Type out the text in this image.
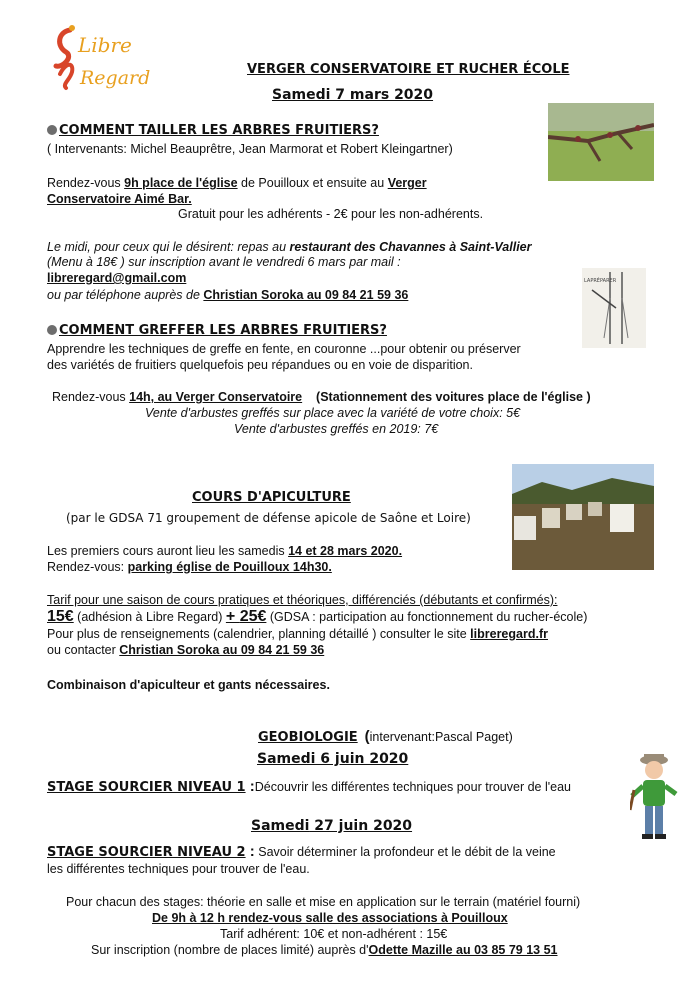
Libre
Regard	VERGER CONSERVATOIRE ET RUCHER ÉCOLE
Samedi 7 mars 2020
COMMENT TAILLER LES ARBRES FRUITIERS?
( Intervenants: Michel Beauprêtre, Jean Marmorat et Robert Kleingartner)
Rendez-vous 9h place de l'église de Pouilloux et ensuite au Verger
Conservatoire Aimé Bar.
Gratuit pour les adhérents - 2€ pour les non-adhérents.
Le midi, pour ceux qui le désirent: repas au restaurant des Chavannes à Saint-Vallier
(Menu à 18€ ) sur inscription avant le vendredi 6 mars par mail :
libreregard@gmail.com
ou par téléphone auprès de Christian Soroka au 09 84 21 59 36
LAPRÉPARER
COMMENT GREFFER LES ARBRES FRUITIERS?
Apprendre les techniques de greffe en fente, en couronne ...pour obtenir ou préserver
des variétés de fruitiers quelquefois peu répandues ou en voie de disparition.
Rendez-vous 14h, au Verger Conservatoire (Stationnement des voitures place de l'église )
Vente d'arbustes greffés sur place avec la variété de votre choix: 5€
Vente d'arbustes greffés en 2019: 7€
COURS D'APICULTURE
(par le GDSA 71 groupement de défense apicole de Saône et Loire)
Les premiers cours auront lieu les samedis 14 et 28 mars 2020.
Rendez-vous: parking église de Pouilloux 14h30.
Tarif pour une saison de cours pratiques et théoriques, différenciés (débutants et confirmés):
15€ (adhésion à Libre Regard) + 25€ (GDSA : participation au fonctionnement du rucher-école)
Pour plus de renseignements (calendrier, planning détaillé ) consulter le site libreregard.fr
ou contacter Christian Soroka au 09 84 21 59 36
Combinaison d'apiculteur et gants nécessaires.
GEOBIOLOGIE (intervenant:Pascal Paget)
Samedi 6 juin 2020
STAGE SOURCIER NIVEAU 1 :Découvrir les différentes techniques pour trouver de l'eau
Samedi 27 juin 2020
STAGE SOURCIER NIVEAU 2 : Savoir déterminer la profondeur et le débit de la veine
les différentes techniques pour trouver de l'eau.
Pour chacun des stages: théorie en salle et mise en application sur le terrain (matériel fourni)
De 9h à 12 h rendez-vous salle des associations à Pouilloux
Tarif adhérent: 10€ et non-adhérent : 15€
Sur inscription (nombre de places limité) auprès d'Odette Mazille au 03 85 79 13 51
